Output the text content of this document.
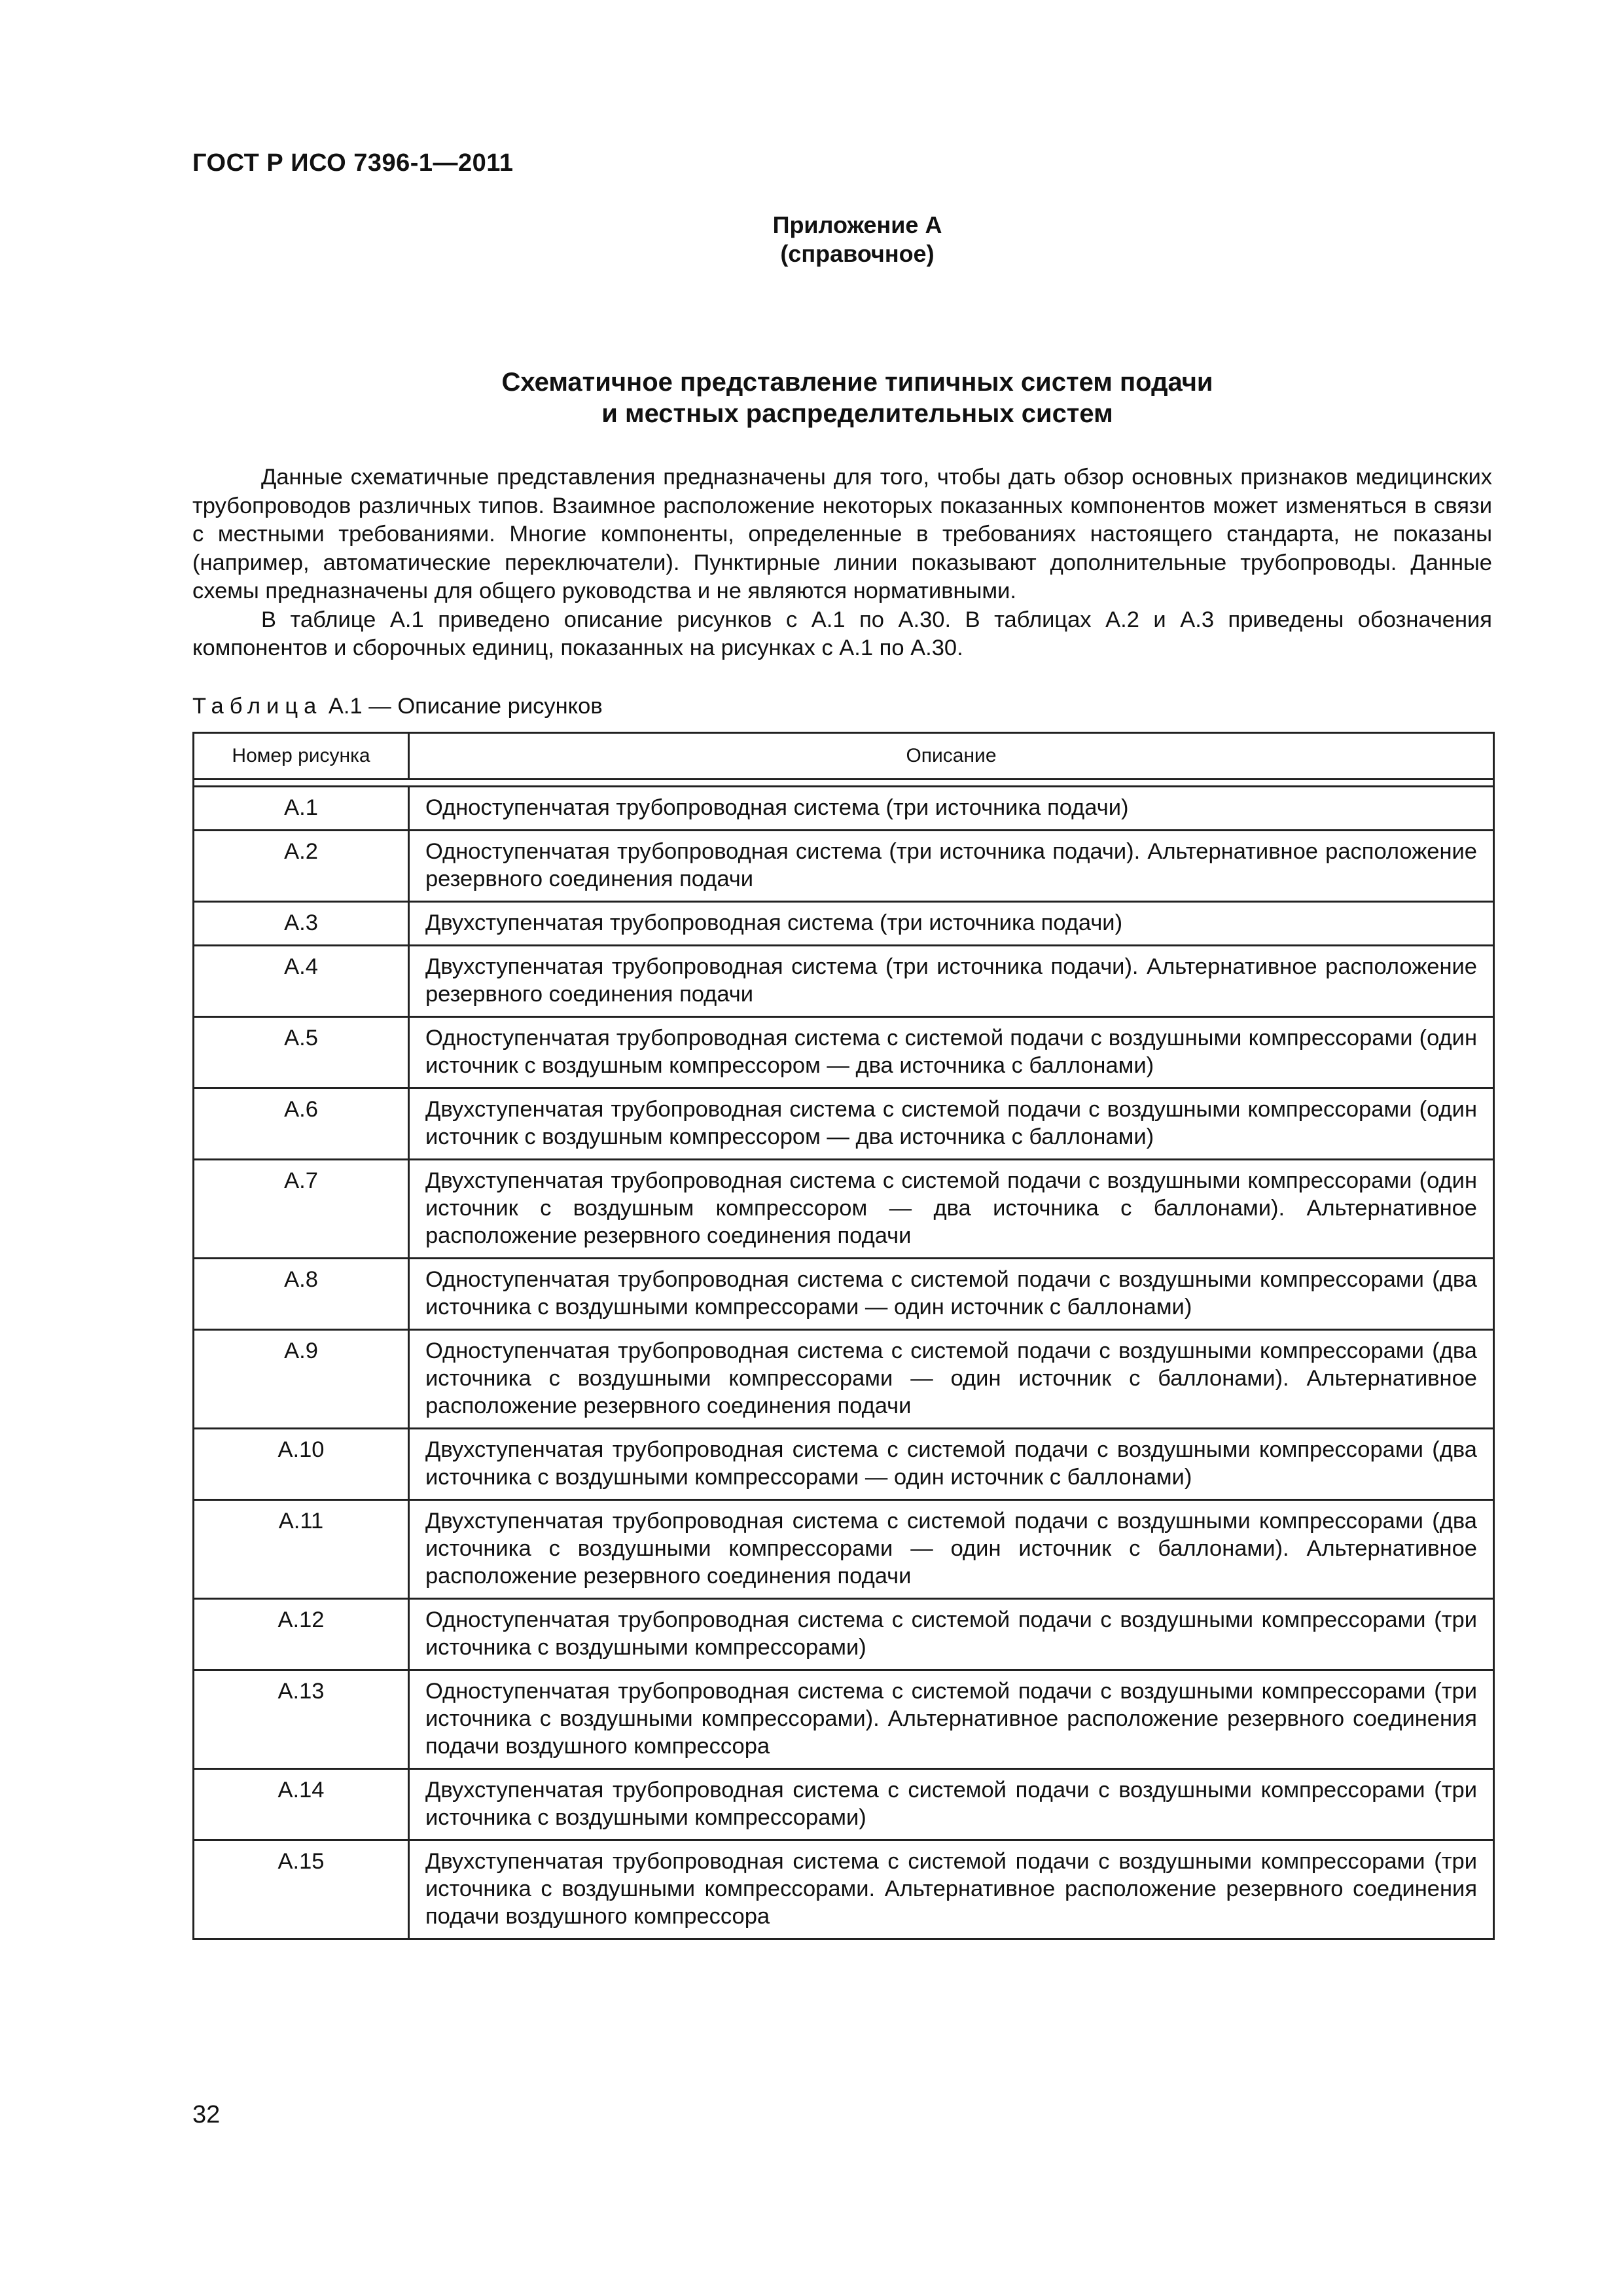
ГОСТ Р ИСО 7396-1—2011
Приложение А
(справочное)
Схематичное представление типичных систем подачи
и местных распределительных систем

Данные схематичные представления предназначены для того, чтобы дать обзор основных признаков медицинских трубопроводов различных типов. Взаимное расположение некоторых показанных компонентов может изменяться в связи с местными требованиями. Многие компоненты, определенные в требованиях настоящего стандарта, не показаны (например, автоматические переключатели). Пунктирные линии показывают дополнительные трубопроводы. Данные схемы предназначены для общего руководства и не являются нормативными.

В таблице А.1 приведено описание рисунков с А.1 по А.30. В таблицах А.2 и А.3 приведены обозначения компонентов и сборочных единиц, показанных на рисунках с А.1 по А.30.

Таблица А.1 — Описание рисунков
Номер рисунка	Описание

А.1	Одноступенчатая трубопроводная система (три источника подачи)
А.2	Одноступенчатая трубопроводная система (три источника подачи). Альтернативное расположение резервного соединения подачи
А.3	Двухступенчатая трубопроводная система (три источника подачи)
А.4	Двухступенчатая трубопроводная система (три источника подачи). Альтернативное расположение резервного соединения подачи
А.5	Одноступенчатая трубопроводная система с системой подачи с воздушными компрессорами (один источник с воздушным компрессором — два источника с баллонами)
А.6	Двухступенчатая трубопроводная система с системой подачи с воздушными компрессорами (один источник с воздушным компрессором — два источника с баллонами)
А.7	Двухступенчатая трубопроводная система с системой подачи с воздушными компрессорами (один источник с воздушным компрессором — два источника с баллонами). Альтернативное расположение резервного соединения подачи
А.8	Одноступенчатая трубопроводная система с системой подачи с воздушными компрессорами (два источника с воздушными компрессорами — один источник с баллонами)
А.9	Одноступенчатая трубопроводная система с системой подачи с воздушными компрессорами (два источника с воздушными компрессорами — один источник с баллонами). Альтернативное расположение резервного соединения подачи
А.10	Двухступенчатая трубопроводная система с системой подачи с воздушными компрессорами (два источника с воздушными компрессорами — один источник с баллонами)
А.11	Двухступенчатая трубопроводная система с системой подачи с воздушными компрессорами (два источника с воздушными компрессорами — один источник с баллонами). Альтернативное расположение резервного соединения подачи
А.12	Одноступенчатая трубопроводная система с системой подачи с воздушными компрессорами (три источника с воздушными компрессорами)
А.13	Одноступенчатая трубопроводная система с системой подачи с воздушными компрессорами (три источника с воздушными компрессорами). Альтернативное расположение резервного соединения подачи воздушного компрессора
А.14	Двухступенчатая трубопроводная система с системой подачи с воздушными компрессорами (три источника с воздушными компрессорами)
А.15	Двухступенчатая трубопроводная система с системой подачи с воздушными компрессорами (три источника с воздушными компрессорами. Альтернативное расположение резервного соединения подачи воздушного компрессора
32
